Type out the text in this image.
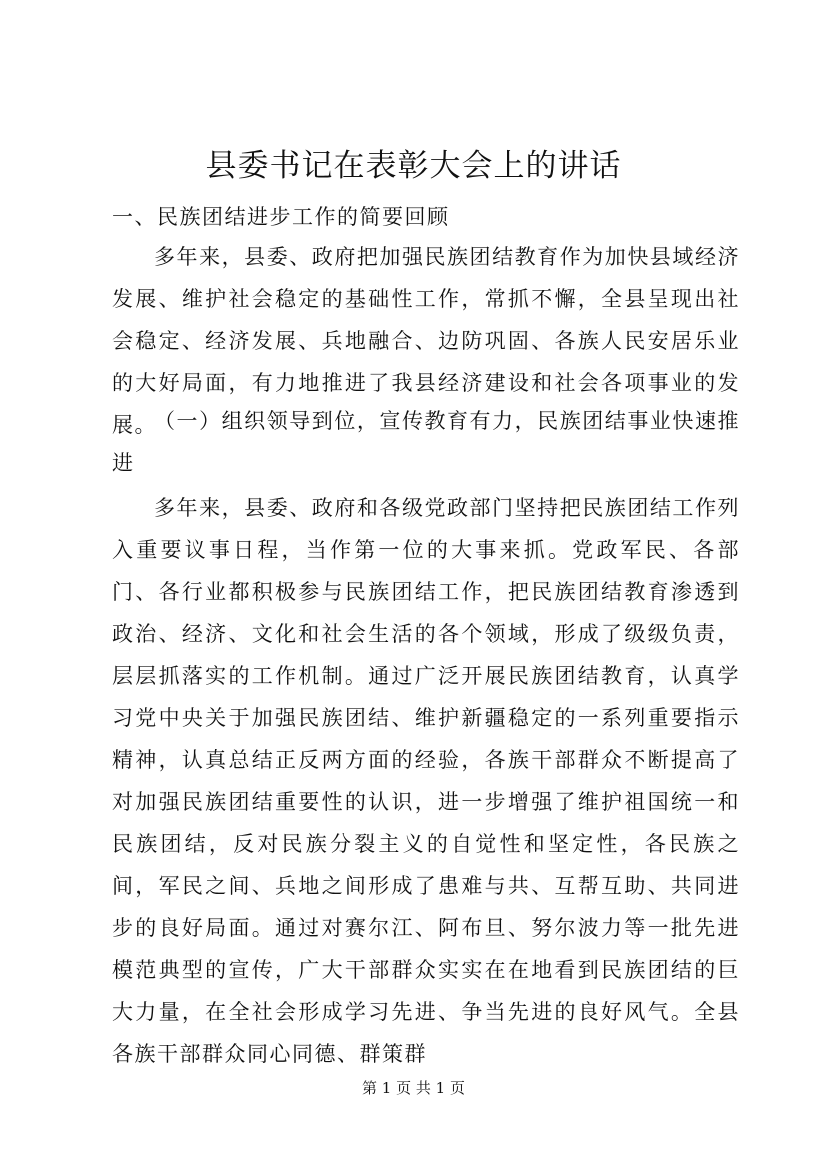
县委书记在表彰大会上的讲话

一、民族团结进步工作的简要回顾

多年来，县委、政府把加强民族团结教育作为加快县域经济发展、维护社会稳定的基础性工作，常抓不懈，全县呈现出社会稳定、经济发展、兵地融合、边防巩固、各族人民安居乐业的大好局面，有力地推进了我县经济建设和社会各项事业的发展。

（一）组织领导到位，宣传教育有力，民族团结事业快速推进

多年来，县委、政府和各级党政部门坚持把民族团结工作列入重要议事日程，当作第一位的大事来抓。党政军民、各部门、各行业都积极参与民族团结工作，把民族团结教育渗透到政治、经济、文化和社会生活的各个领域，形成了级级负责，层层抓落实的工作机制。通过广泛开展民族团结教育，认真学习党中央关于加强民族团结、维护新疆稳定的一系列重要指示精神，认真总结正反两方面的经验，各族干部群众不断提高了对加强民族团结重要性的认识，进一步增强了维护祖国统一和民族团结，反对民族分裂主义的自觉性和坚定性，各民族之间，军民之间、兵地之间形成了患难与共、互帮互助、共同进步的良好局面。通过对赛尔江、阿布旦、努尔波力等一批先进模范典型的宣传，广大干部群众实实在在地看到民族团结的巨大力量，在全社会形成学习先进、争当先进的良好风气。全县各族干部群众同心同德、群策群

第 1 页 共 1 页
